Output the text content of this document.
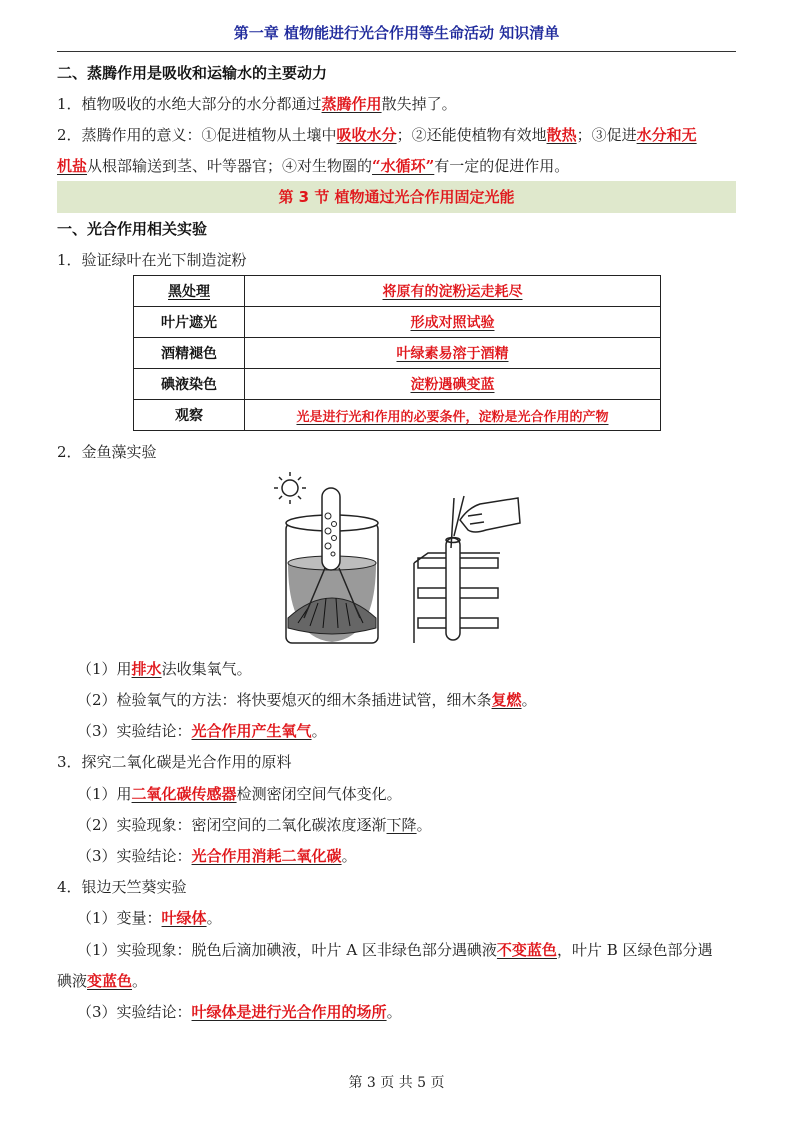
第一章 植物能进行光合作用等生命活动 知识清单
二、蒸腾作用是吸收和运输水的主要动力
1．植物吸收的水绝大部分的水分都通过蒸腾作用散失掉了。
2．蒸腾作用的意义：①促进植物从土壤中吸收水分；②还能使植物有效地散热；③促进水分和无
机盐从根部输送到茎、叶等器官；④对生物圈的“水循环”有一定的促进作用。
第 3 节 植物通过光合作用固定光能
一、光合作用相关实验
1．验证绿叶在光下制造淀粉
黑处理	将原有的淀粉运走耗尽
叶片遮光	形成对照试验
酒精褪色	叶绿素易溶于酒精
碘液染色	淀粉遇碘变蓝
观察	光是进行光和作用的必要条件，淀粉是光合作用的产物
2．金鱼藻实验
（1）用排水法收集氧气。
（2）检验氧气的方法：将快要熄灭的细木条插进试管，细木条复燃。
（3）实验结论：光合作用产生氧气。
3．探究二氧化碳是光合作用的原料
（1）用二氧化碳传感器检测密闭空间气体变化。
（2）实验现象：密闭空间的二氧化碳浓度逐渐下降。
（3）实验结论：光合作用消耗二氧化碳。
4．银边天竺葵实验
（1）变量：叶绿体。
（1）实验现象：脱色后滴加碘液，叶片 A 区非绿色部分遇碘液不变蓝色，叶片 B 区绿色部分遇
碘液变蓝色。
（3）实验结论：叶绿体是进行光合作用的场所。
第 3 页 共 5 页
